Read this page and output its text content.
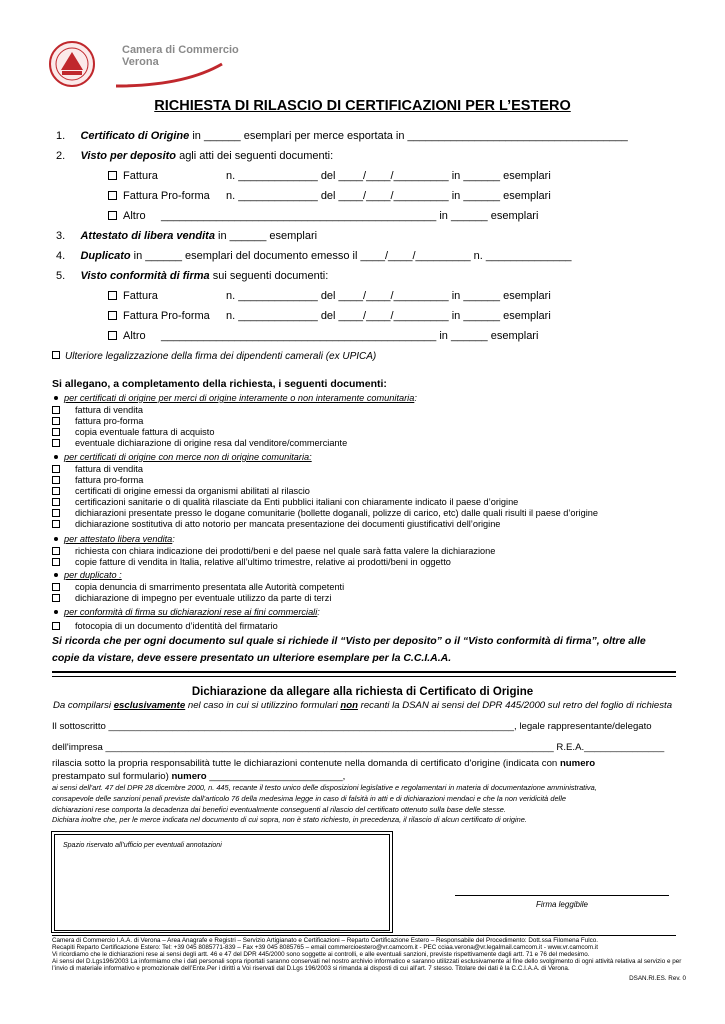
Camera di Commercio
Verona
RICHIESTA DI RILASCIO DI CERTIFICAZIONI PER L’ESTERO
1. Certificato di Origine in ______ esemplari per merce esportata in ____________________________________
2. Visto per deposito agli atti dei seguenti documenti:
Fattura	n. _____________ del ____/____/_________ in ______ esemplari
Fattura Pro-forma n. _____________ del ____/____/_________ in ______ esemplari
Altro _____________________________________________ in ______ esemplari
3. Attestato di libera vendita in ______ esemplari
4. Duplicato in ______ esemplari del documento emesso il ____/____/_________ n. ______________
5. Visto conformità di firma sui seguenti documenti:
Fattura	n. _____________ del ____/____/_________ in ______ esemplari
Fattura Pro-forma n. _____________ del ____/____/_________ in ______ esemplari
Altro _____________________________________________ in ______ esemplari
Ulteriore legalizzazione della firma dei dipendenti camerali (ex UPICA)
Si allegano, a completamento della richiesta, i seguenti documenti:
per certificati di origine per merci di origine interamente o non interamente comunitaria:
fattura di vendita
fattura pro-forma
copia eventuale fattura di acquisto
eventuale dichiarazione di origine resa dal venditore/commerciante
per certificati di origine con merce non di origine comunitaria:
fattura di vendita
fattura pro-forma
certificati di origine emessi da organismi abilitati al rilascio
certificazioni sanitarie o di qualità rilasciate da Enti pubblici italiani con chiaramente indicato il paese d’origine
dichiarazioni presentate presso le dogane comunitarie (bollette doganali, polizze di carico, etc) dalle quali risulti il paese d’origine
dichiarazione sostitutiva di atto notorio per mancata presentazione dei documenti giustificativi dell’origine
per attestato libera vendita:
richiesta con chiara indicazione dei prodotti/beni e del paese nel quale sarà fatta valere la dichiarazione
copie fatture di vendita in Italia, relative all’ultimo trimestre, relative ai prodotti/beni in oggetto
per duplicato :
copia denuncia di smarrimento presentata alle Autorità competenti
dichiarazione di impegno per eventuale utilizzo da parte di terzi
per conformità di firma su dichiarazioni rese ai fini commerciali:
fotocopia di un documento d’identità del firmatario
Si ricorda che per ogni documento sul quale si richiede il “Visto per deposito” o il “Visto conformità di firma”, oltre alle
copie da vistare, deve essere presentato un ulteriore esemplare per la C.C.I.A.A.
Dichiarazione da allegare alla richiesta di Certificato di Origine
Da compilarsi esclusivamente nel caso in cui si utilizzino formulari non recanti la DSAN ai sensi del DPR 445/2000 sul retro del foglio di richiesta
Il sottoscritto ____________________________________________________________________________, legale rappresentante/delegato
dell'impresa ____________________________________________________________________________________ R.E.A._______________
rilascia sotto la propria responsabilità tutte le dichiarazioni contenute nella domanda di certificato d'origine (indicata con numero
prestampato sul formulario) numero _________________________,
ai sensi dell’art. 47 del DPR 28 dicembre 2000, n. 445, recante il testo unico delle disposizioni legislative e regolamentari in materia di documentazione amministrativa,
consapevole delle sanzioni penali previste dall’articolo 76 della medesima legge in caso di falsità in atti e di dichiarazioni mendaci e che la non veridicità delle
dichiarazioni rese comporta la decadenza dai benefici eventualmente conseguenti al rilascio del certificato ottenuto sulla base delle stesse.
Dichiara inoltre che, per le merce indicata nel documento di cui sopra, non è stato richiesto, in precedenza, il rilascio di alcun certificato di origine.
Spazio riservato all’ufficio per eventuali annotazioni
Firma leggibile
Camera di Commercio I.A.A. di Verona – Area Anagrafe e Registri – Servizio Artigianato e Certificazioni – Reparto Certificazione Estero – Responsabile del Procedimento: Dott.ssa Filomena Fulco.
Recapiti Reparto Certificazione Estero: Tel: +39 045 8085771-839 – Fax +39 045 8085765 – email commercioestero@vr.camcom.it - PEC cciaa.verona@vr.legalmail.camcom.it - www.vr.camcom.it
Vi ricordiamo che le dichiarazioni rese ai sensi degli artt. 46 e 47 del DPR 445/2000 sono soggette ai controlli, e alle eventuali sanzioni, previste rispettivamente dagli artt. 71 e 76 del medesimo.
Ai sensi del D.Lgs196/2003 La informiamo che i dati personali sopra riportati saranno conservati nel nostro archivio informatico e saranno utilizzati esclusivamente al fine dello svolgimento di ogni attività relativa al servizio e per
l’invio di materiale informativo e promozionale dell’Ente.Per i diritti a Voi riservati dal D.Lgs 196/2003 si rimanda ai disposti di cui all’art. 7 stesso. Titolare dei dati è la C.C.I.A.A. di Verona.
DSAN.RI.ES. Rev. 0
